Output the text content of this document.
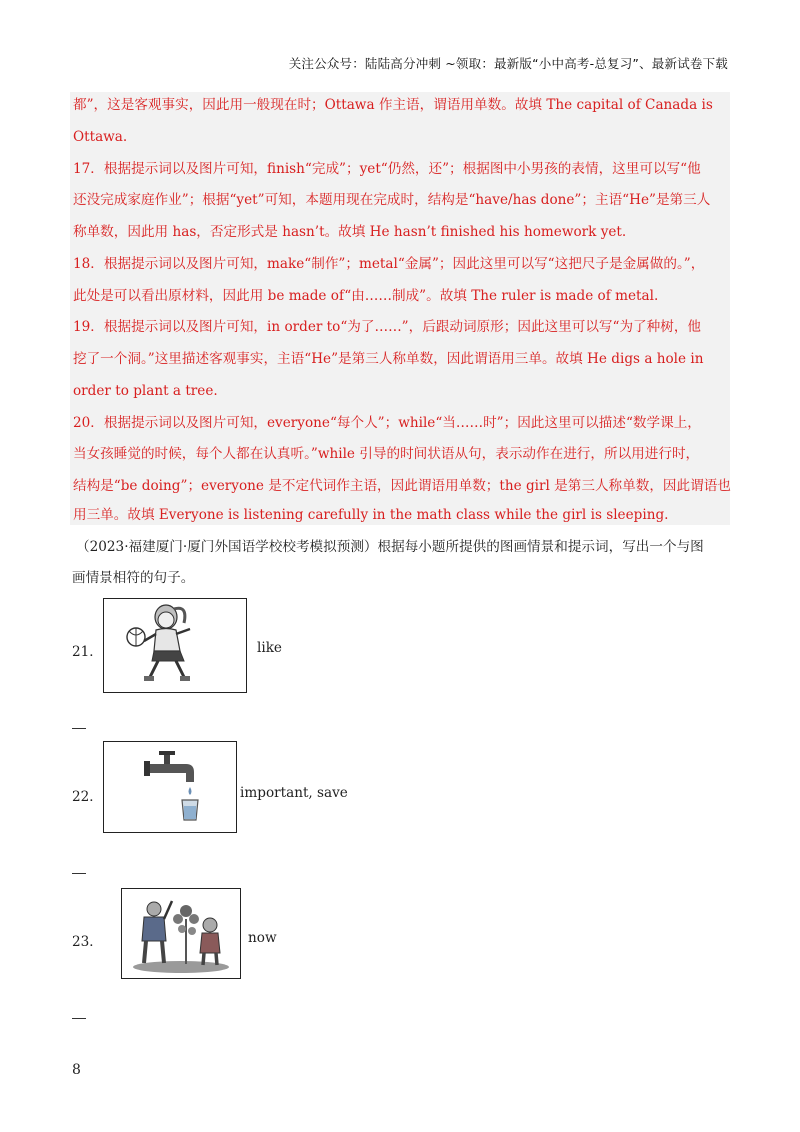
关注公众号：陆陆高分冲刺 ~领取：最新版“小中高考-总复习”、最新试卷下载
都”，这是客观事实，因此用一般现在时；Ottawa 作主语，谓语用单数。故填 The capital of Canada is
Ottawa.
17．根据提示词以及图片可知，finish“完成”；yet“仍然，还”；根据图中小男孩的表情，这里可以写“他
还没完成家庭作业”；根据“yet”可知，本题用现在完成时，结构是“have/has done”；主语“He”是第三人
称单数，因此用 has，否定形式是 hasn’t。故填 He hasn’t finished his homework yet.
18．根据提示词以及图片可知，make“制作”；metal“金属”；因此这里可以写“这把尺子是金属做的。”，
此处是可以看出原材料，因此用 be made of“由……制成”。故填 The ruler is made of metal.
19．根据提示词以及图片可知，in order to“为了……”，后跟动词原形；因此这里可以写“为了种树，他
挖了一个洞。”这里描述客观事实，主语“He”是第三人称单数，因此谓语用三单。故填 He digs a hole in
order to plant a tree.
20．根据提示词以及图片可知，everyone“每个人”；while“当……时”；因此这里可以描述“数学课上，
当女孩睡觉的时候，每个人都在认真听。”while 引导的时间状语从句，表示动作在进行，所以用进行时，
结构是“be doing”；everyone 是不定代词作主语，因此谓语用单数；the girl 是第三人称单数，因此谓语也
用三单。故填 Everyone is listening carefully in the math class while the girl is sleeping.
（2023·福建厦门·厦门外国语学校校考模拟预测）根据每小题所提供的图画情景和提示词，写出一个与图
画情景相符的句子。
21．	like
22．	important, save
23．	now
8
